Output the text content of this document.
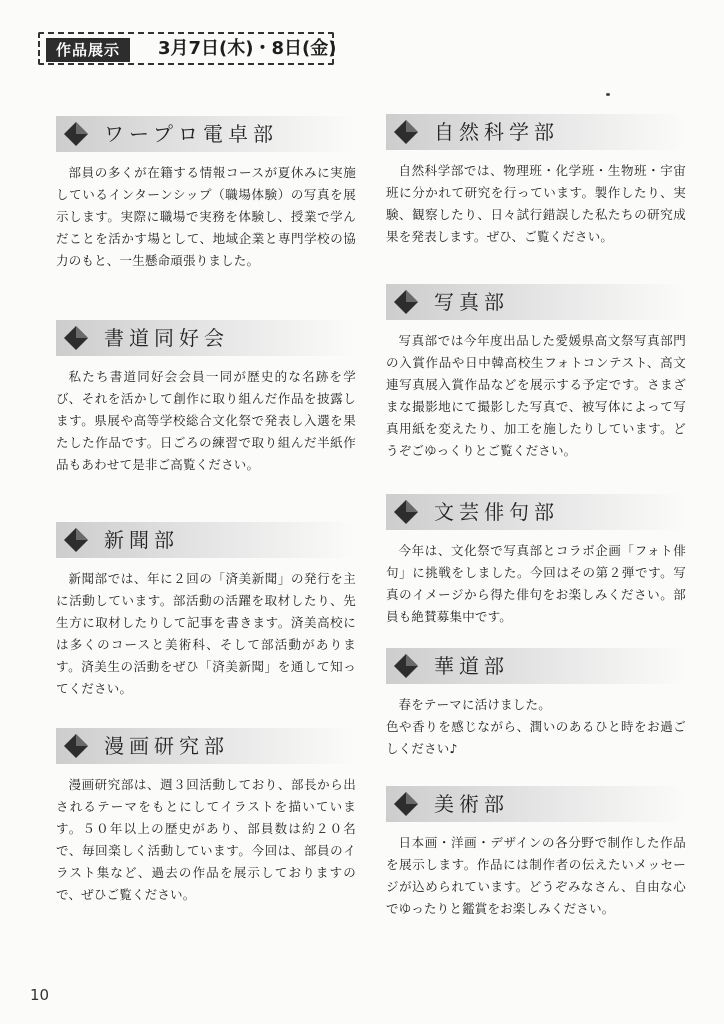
作品展示	3月7日(木)・8日(金)
ワープロ電卓部

部員の多くが在籍する情報コースが夏休みに実施しているインターンシップ（職場体験）の写真を展示します。実際に職場で実務を体験し、授業で学んだことを活かす場として、地域企業と専門学校の協力のもと、一生懸命頑張りました。

書道同好会

私たち書道同好会会員一同が歴史的な名跡を学び、それを活かして創作に取り組んだ作品を披露します。県展や高等学校総合文化祭で発表し入選を果たした作品です。日ごろの練習で取り組んだ半紙作品もあわせて是非ご高覧ください。

新聞部

新聞部では、年に２回の「済美新聞」の発行を主に活動しています。部活動の活躍を取材したり、先生方に取材したりして記事を書きます。済美高校には多くのコースと美術科、そして部活動があります。済美生の活動をぜひ「済美新聞」を通して知ってください。

漫画研究部

漫画研究部は、週３回活動しており、部長から出されるテーマをもとにしてイラストを描いています。５０年以上の歴史があり、部員数は約２０名で、毎回楽しく活動しています。今回は、部員のイラスト集など、過去の作品を展示しておりますので、ぜひご覧ください。

自然科学部

自然科学部では、物理班・化学班・生物班・宇宙班に分かれて研究を行っています。製作したり、実験、観察したり、日々試行錯誤した私たちの研究成果を発表します。ぜひ、ご覧ください。

写真部

写真部では今年度出品した愛媛県高文祭写真部門の入賞作品や日中韓高校生フォトコンテスト、高文連写真展入賞作品などを展示する予定です。さまざまな撮影地にて撮影した写真で、被写体によって写真用紙を変えたり、加工を施したりしています。どうぞごゆっくりとご覧ください。

文芸俳句部

今年は、文化祭で写真部とコラボ企画「フォト俳句」に挑戦をしました。今回はその第２弾です。写真のイメージから得た俳句をお楽しみください。部員も絶賛募集中です。

華道部

春をテーマに活けました。
色や香りを感じながら、潤いのあるひと時をお過ごしください♪

美術部

日本画・洋画・デザインの各分野で制作した作品を展示します。作品には制作者の伝えたいメッセージが込められています。どうぞみなさん、自由な心でゆったりと鑑賞をお楽しみください。

10
